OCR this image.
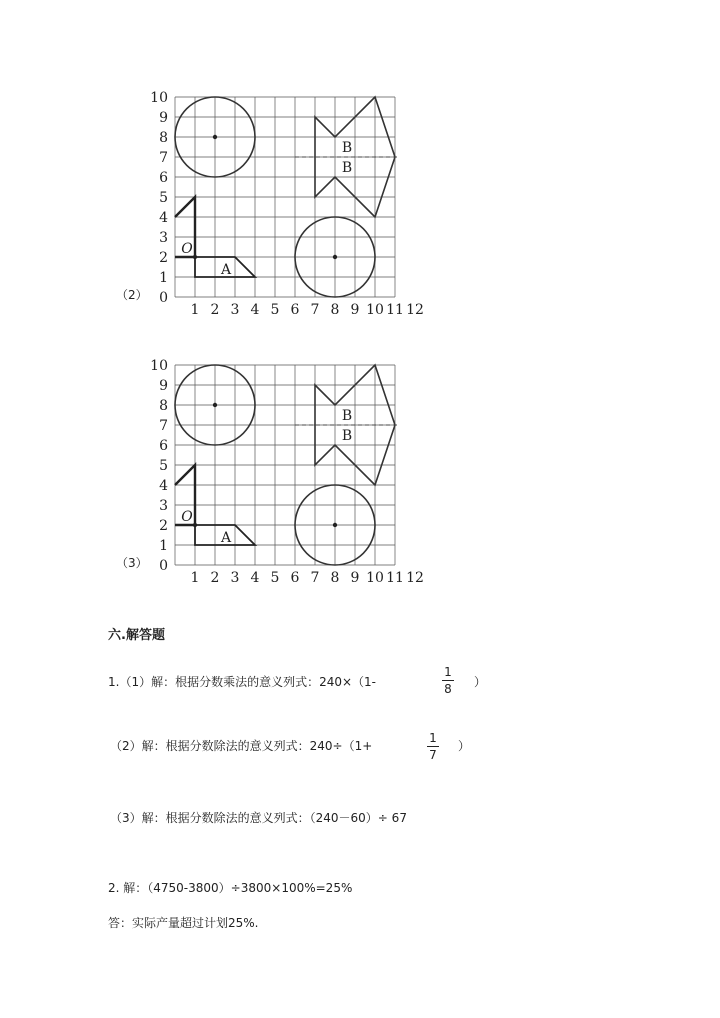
1 2 3 4 5 6 7 8 9 10 11 12
0
1
2
3
4
5
6
7
8
9
10
A
B
B
O
（2）
1 2 3 4 5 6 7 8 9 10 11 12
0
1
2
3
4
5
6
7
8
9
10
A
B
B
O
（3）
六.解答题
1.（1）解：根据分数乘法的意义列式：240×（1-
1
8 ）
（2）解：根据分数除法的意义列式：240÷（1+
1
7
）
（3）解：根据分数除法的意义列式：（240－60）÷ 67
2. 解：（4750-3800）÷3800×100%=25%
答：实际产量超过计划25%.
